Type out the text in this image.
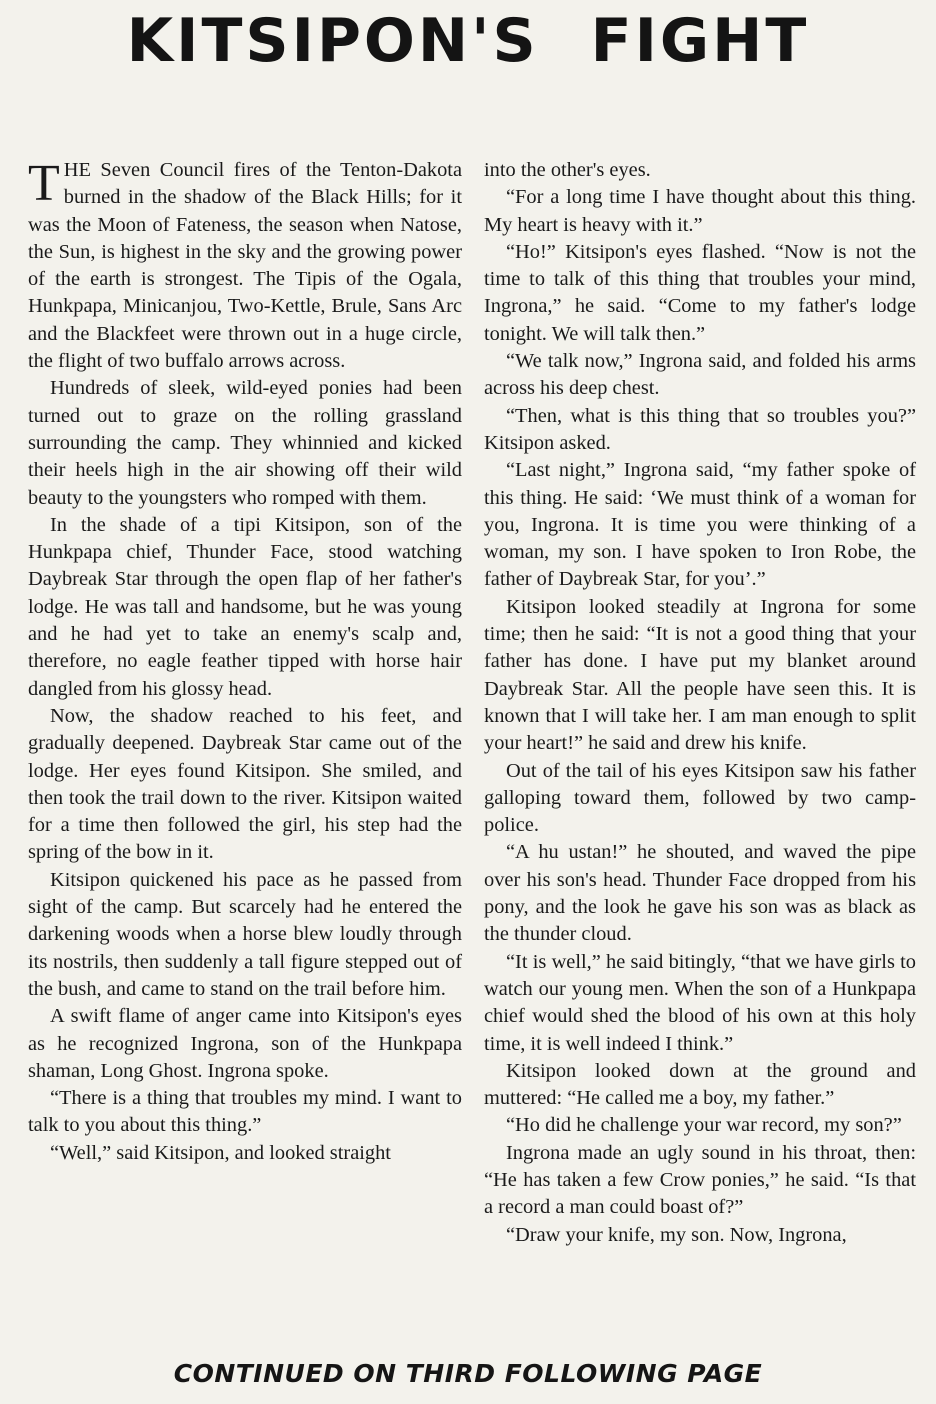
KITSIPON'S FIGHT

THE Seven Council fires of the Tenton-Dakota burned in the shadow of the Black Hills; for it was the Moon of Fateness, the season when Natose, the Sun, is highest in the sky and the growing power of the earth is strongest. The Tipis of the Ogala, Hunkpapa, Minicanjou, Two-Kettle, Brule, Sans Arc and the Blackfeet were thrown out in a huge circle, the flight of two buffalo arrows across.

Hundreds of sleek, wild-eyed ponies had been turned out to graze on the rolling grassland surrounding the camp. They whinnied and kicked their heels high in the air showing off their wild beauty to the youngsters who romped with them.

In the shade of a tipi Kitsipon, son of the Hunkpapa chief, Thunder Face, stood watching Daybreak Star through the open flap of her father's lodge. He was tall and handsome, but he was young and he had yet to take an enemy's scalp and, therefore, no eagle feather tipped with horse hair dangled from his glossy head.

Now, the shadow reached to his feet, and gradually deepened. Daybreak Star came out of the lodge. Her eyes found Kitsipon. She smiled, and then took the trail down to the river. Kitsipon waited for a time then followed the girl, his step had the spring of the bow in it.

Kitsipon quickened his pace as he passed from sight of the camp. But scarcely had he entered the darkening woods when a horse blew loudly through its nostrils, then suddenly a tall figure stepped out of the bush, and came to stand on the trail before him.

A swift flame of anger came into Kitsipon's eyes as he recognized Ingrona, son of the Hunkpapa shaman, Long Ghost. Ingrona spoke.

“There is a thing that troubles my mind. I want to talk to you about this thing.”

“Well,” said Kitsipon, and looked straight

into the other's eyes.

“For a long time I have thought about this thing. My heart is heavy with it.”

“Ho!” Kitsipon's eyes flashed. “Now is not the time to talk of this thing that troubles your mind, Ingrona,” he said. “Come to my father's lodge tonight. We will talk then.”

“We talk now,” Ingrona said, and folded his arms across his deep chest.

“Then, what is this thing that so troubles you?” Kitsipon asked.

“Last night,” Ingrona said, “my father spoke of this thing. He said: ‘We must think of a woman for you, Ingrona. It is time you were thinking of a woman, my son. I have spoken to Iron Robe, the father of Daybreak Star, for you’.”

Kitsipon looked steadily at Ingrona for some time; then he said: “It is not a good thing that your father has done. I have put my blanket around Daybreak Star. All the people have seen this. It is known that I will take her. I am man enough to split your heart!” he said and drew his knife.

Out of the tail of his eyes Kitsipon saw his father galloping toward them, followed by two camp-police.

“A hu ustan!” he shouted, and waved the pipe over his son's head. Thunder Face dropped from his pony, and the look he gave his son was as black as the thunder cloud.

“It is well,” he said bitingly, “that we have girls to watch our young men. When the son of a Hunkpapa chief would shed the blood of his own at this holy time, it is well indeed I think.”

Kitsipon looked down at the ground and muttered: “He called me a boy, my father.”

“Ho did he challenge your war record, my son?”

Ingrona made an ugly sound in his throat, then: “He has taken a few Crow ponies,” he said. “Is that a record a man could boast of?”

“Draw your knife, my son. Now, Ingrona,

CONTINUED ON THIRD FOLLOWING PAGE
